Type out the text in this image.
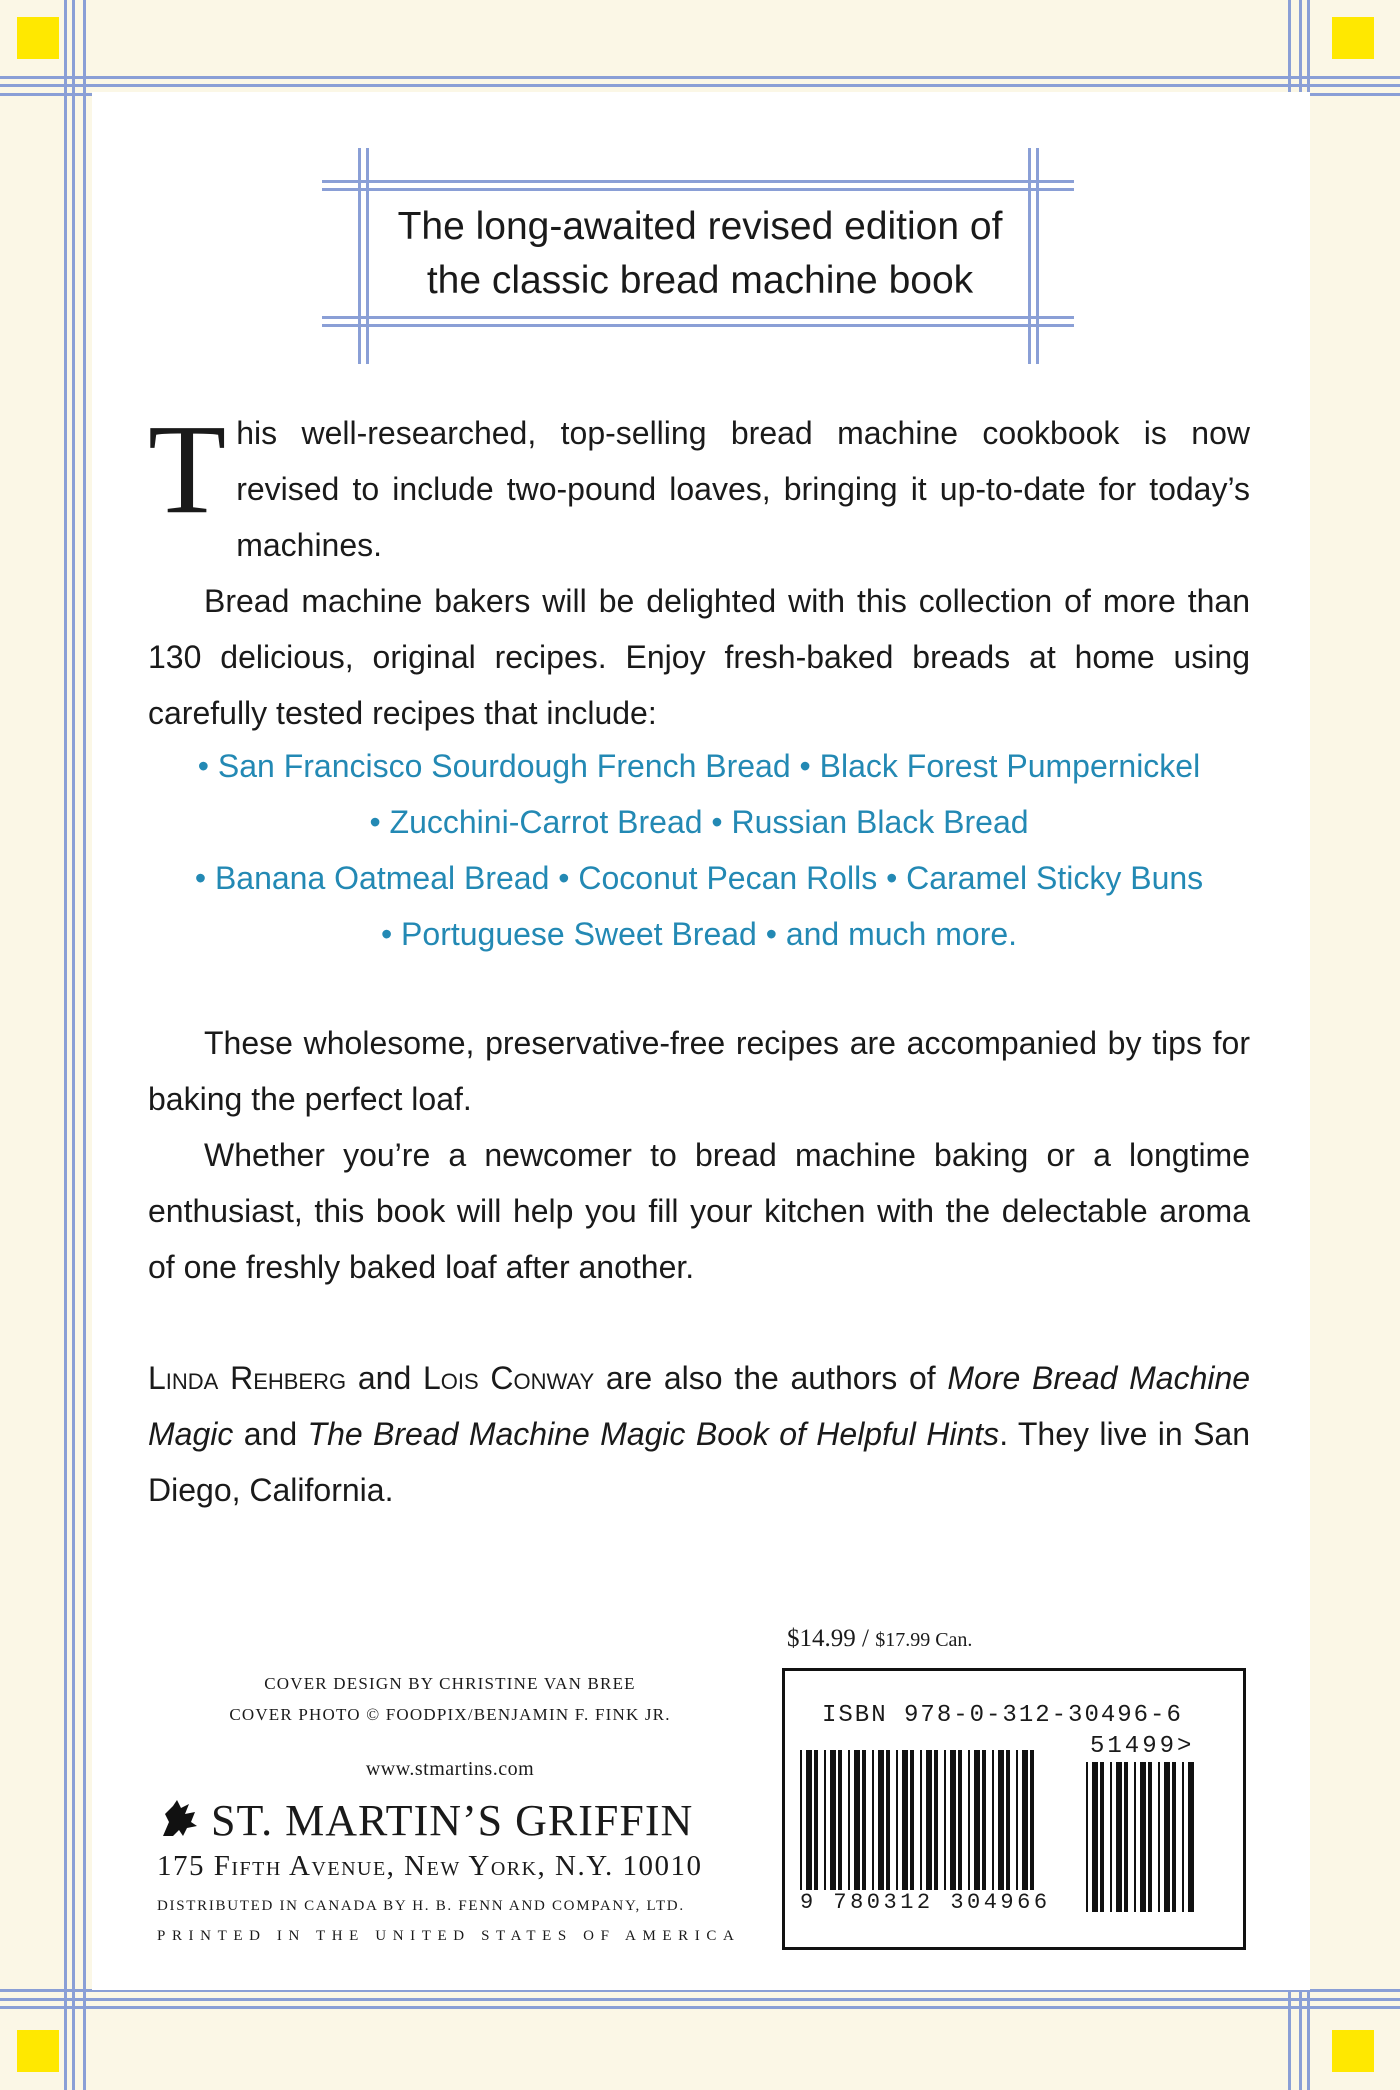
The long-awaited revised edition of
the classic bread machine book
T his well-researched, top-selling bread machine cookbook is now revised to include two-pound loaves, bringing it up-to-date for today’s machines.

Bread machine bakers will be delighted with this collection of more than 130 delicious, original recipes. Enjoy fresh-baked breads at home using carefully tested recipes that include:

• San Francisco Sourdough French Bread • Black Forest Pumpernickel
• Zucchini-Carrot Bread • Russian Black Bread
• Banana Oatmeal Bread • Coconut Pecan Rolls • Caramel Sticky Buns
• Portuguese Sweet Bread • and much more.

These wholesome, preservative-free recipes are accompanied by tips for baking the perfect loaf.

Whether you’re a newcomer to bread machine baking or a longtime enthusiast, this book will help you fill your kitchen with the delectable aroma of one freshly baked loaf after another.

Linda Rehberg and Lois Conway are also the authors of More Bread Machine Magic and The Bread Machine Magic Book of Helpful Hints. They live in San Diego, California.

COVER DESIGN BY CHRISTINE VAN BREE
COVER PHOTO © FOODPIX/BENJAMIN F. FINK JR.
www.stmartins.com
ST. MARTIN’S GRIFFIN
175 Fifth Avenue, New York, N.Y. 10010
DISTRIBUTED IN CANADA BY H. B. FENN AND COMPANY, LTD.
PRINTED IN THE UNITED STATES OF AMERICA
$14.99 / $17.99 Can.
ISBN 978-0-312-30496-6
51499>
9 780312 304966
